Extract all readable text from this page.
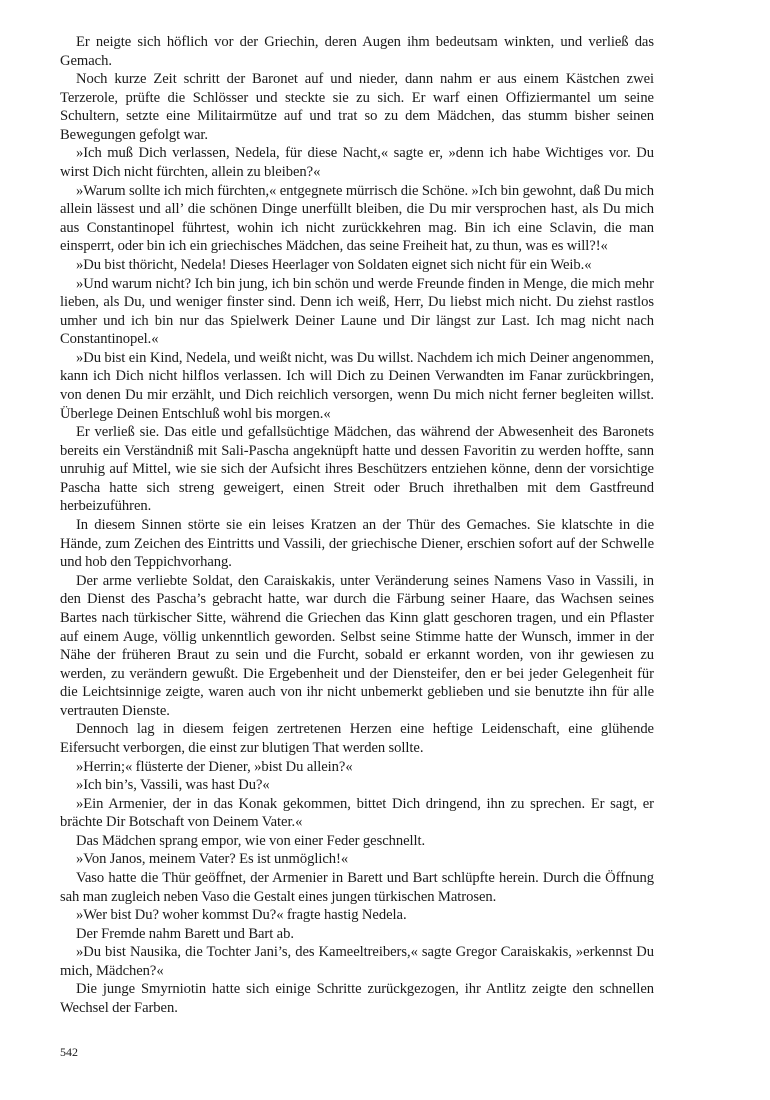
Er neigte sich höflich vor der Griechin, deren Augen ihm bedeutsam winkten, und verließ das Gemach.

Noch kurze Zeit schritt der Baronet auf und nieder, dann nahm er aus einem Kästchen zwei Terzerole, prüfte die Schlösser und steckte sie zu sich. Er warf einen Offiziermantel um seine Schultern, setzte eine Militairmütze auf und trat so zu dem Mädchen, das stumm bisher seinen Bewegungen gefolgt war.

»Ich muß Dich verlassen, Nedela, für diese Nacht,« sagte er, »denn ich habe Wichtiges vor. Du wirst Dich nicht fürchten, allein zu bleiben?«

»Warum sollte ich mich fürchten,« entgegnete mürrisch die Schöne. »Ich bin gewohnt, daß Du mich allein lässest und all’ die schönen Dinge unerfüllt bleiben, die Du mir versprochen hast, als Du mich aus Constantinopel führtest, wohin ich nicht zurückkehren mag. Bin ich eine Sclavin, die man einsperrt, oder bin ich ein griechisches Mädchen, das seine Freiheit hat, zu thun, was es will?!«

»Du bist thöricht, Nedela! Dieses Heerlager von Soldaten eignet sich nicht für ein Weib.«

»Und warum nicht? Ich bin jung, ich bin schön und werde Freunde finden in Menge, die mich mehr lieben, als Du, und weniger finster sind. Denn ich weiß, Herr, Du liebst mich nicht. Du ziehst rastlos umher und ich bin nur das Spielwerk Deiner Laune und Dir längst zur Last. Ich mag nicht nach Constantinopel.«

»Du bist ein Kind, Nedela, und weißt nicht, was Du willst. Nachdem ich mich Deiner angenommen, kann ich Dich nicht hilflos verlassen. Ich will Dich zu Deinen Verwandten im Fanar zurückbringen, von denen Du mir erzählt, und Dich reichlich versorgen, wenn Du mich nicht ferner begleiten willst. Überlege Deinen Entschluß wohl bis morgen.«

Er verließ sie. Das eitle und gefallsüchtige Mädchen, das während der Abwesenheit des Baronets bereits ein Verständniß mit Sali-Pascha angeknüpft hatte und dessen Favoritin zu werden hoffte, sann unruhig auf Mittel, wie sie sich der Aufsicht ihres Beschützers entziehen könne, denn der vorsichtige Pascha hatte sich streng geweigert, einen Streit oder Bruch ihrethalben mit dem Gastfreund herbeizuführen.

In diesem Sinnen störte sie ein leises Kratzen an der Thür des Gemaches. Sie klatschte in die Hände, zum Zeichen des Eintritts und Vassili, der griechische Diener, erschien sofort auf der Schwelle und hob den Teppichvorhang.

Der arme verliebte Soldat, den Caraiskakis, unter Veränderung seines Namens Vaso in Vassili, in den Dienst des Pascha’s gebracht hatte, war durch die Färbung seiner Haare, das Wachsen seines Bartes nach türkischer Sitte, während die Griechen das Kinn glatt geschoren tragen, und ein Pflaster auf einem Auge, völlig unkenntlich geworden. Selbst seine Stimme hatte der Wunsch, immer in der Nähe der früheren Braut zu sein und die Furcht, sobald er erkannt worden, von ihr gewiesen zu werden, zu verändern gewußt. Die Ergebenheit und der Diensteifer, den er bei jeder Gelegenheit für die Leichtsinnige zeigte, waren auch von ihr nicht unbemerkt geblieben und sie benutzte ihn für alle vertrauten Dienste.

Dennoch lag in diesem feigen zertretenen Herzen eine heftige Leidenschaft, eine glühende Eifersucht verborgen, die einst zur blutigen That werden sollte.

»Herrin;« flüsterte der Diener, »bist Du allein?«

»Ich bin’s, Vassili, was hast Du?«

»Ein Armenier, der in das Konak gekommen, bittet Dich dringend, ihn zu sprechen. Er sagt, er brächte Dir Botschaft von Deinem Vater.«

Das Mädchen sprang empor, wie von einer Feder geschnellt.

»Von Janos, meinem Vater? Es ist unmöglich!«

Vaso hatte die Thür geöffnet, der Armenier in Barett und Bart schlüpfte herein. Durch die Öffnung sah man zugleich neben Vaso die Gestalt eines jungen türkischen Matrosen.

»Wer bist Du? woher kommst Du?« fragte hastig Nedela.

Der Fremde nahm Barett und Bart ab.

»Du bist Nausika, die Tochter Jani’s, des Kameeltreibers,« sagte Gregor Caraiskakis, »erkennst Du mich, Mädchen?«

Die junge Smyrniotin hatte sich einige Schritte zurückgezogen, ihr Antlitz zeigte den schnellen Wechsel der Farben.

542
